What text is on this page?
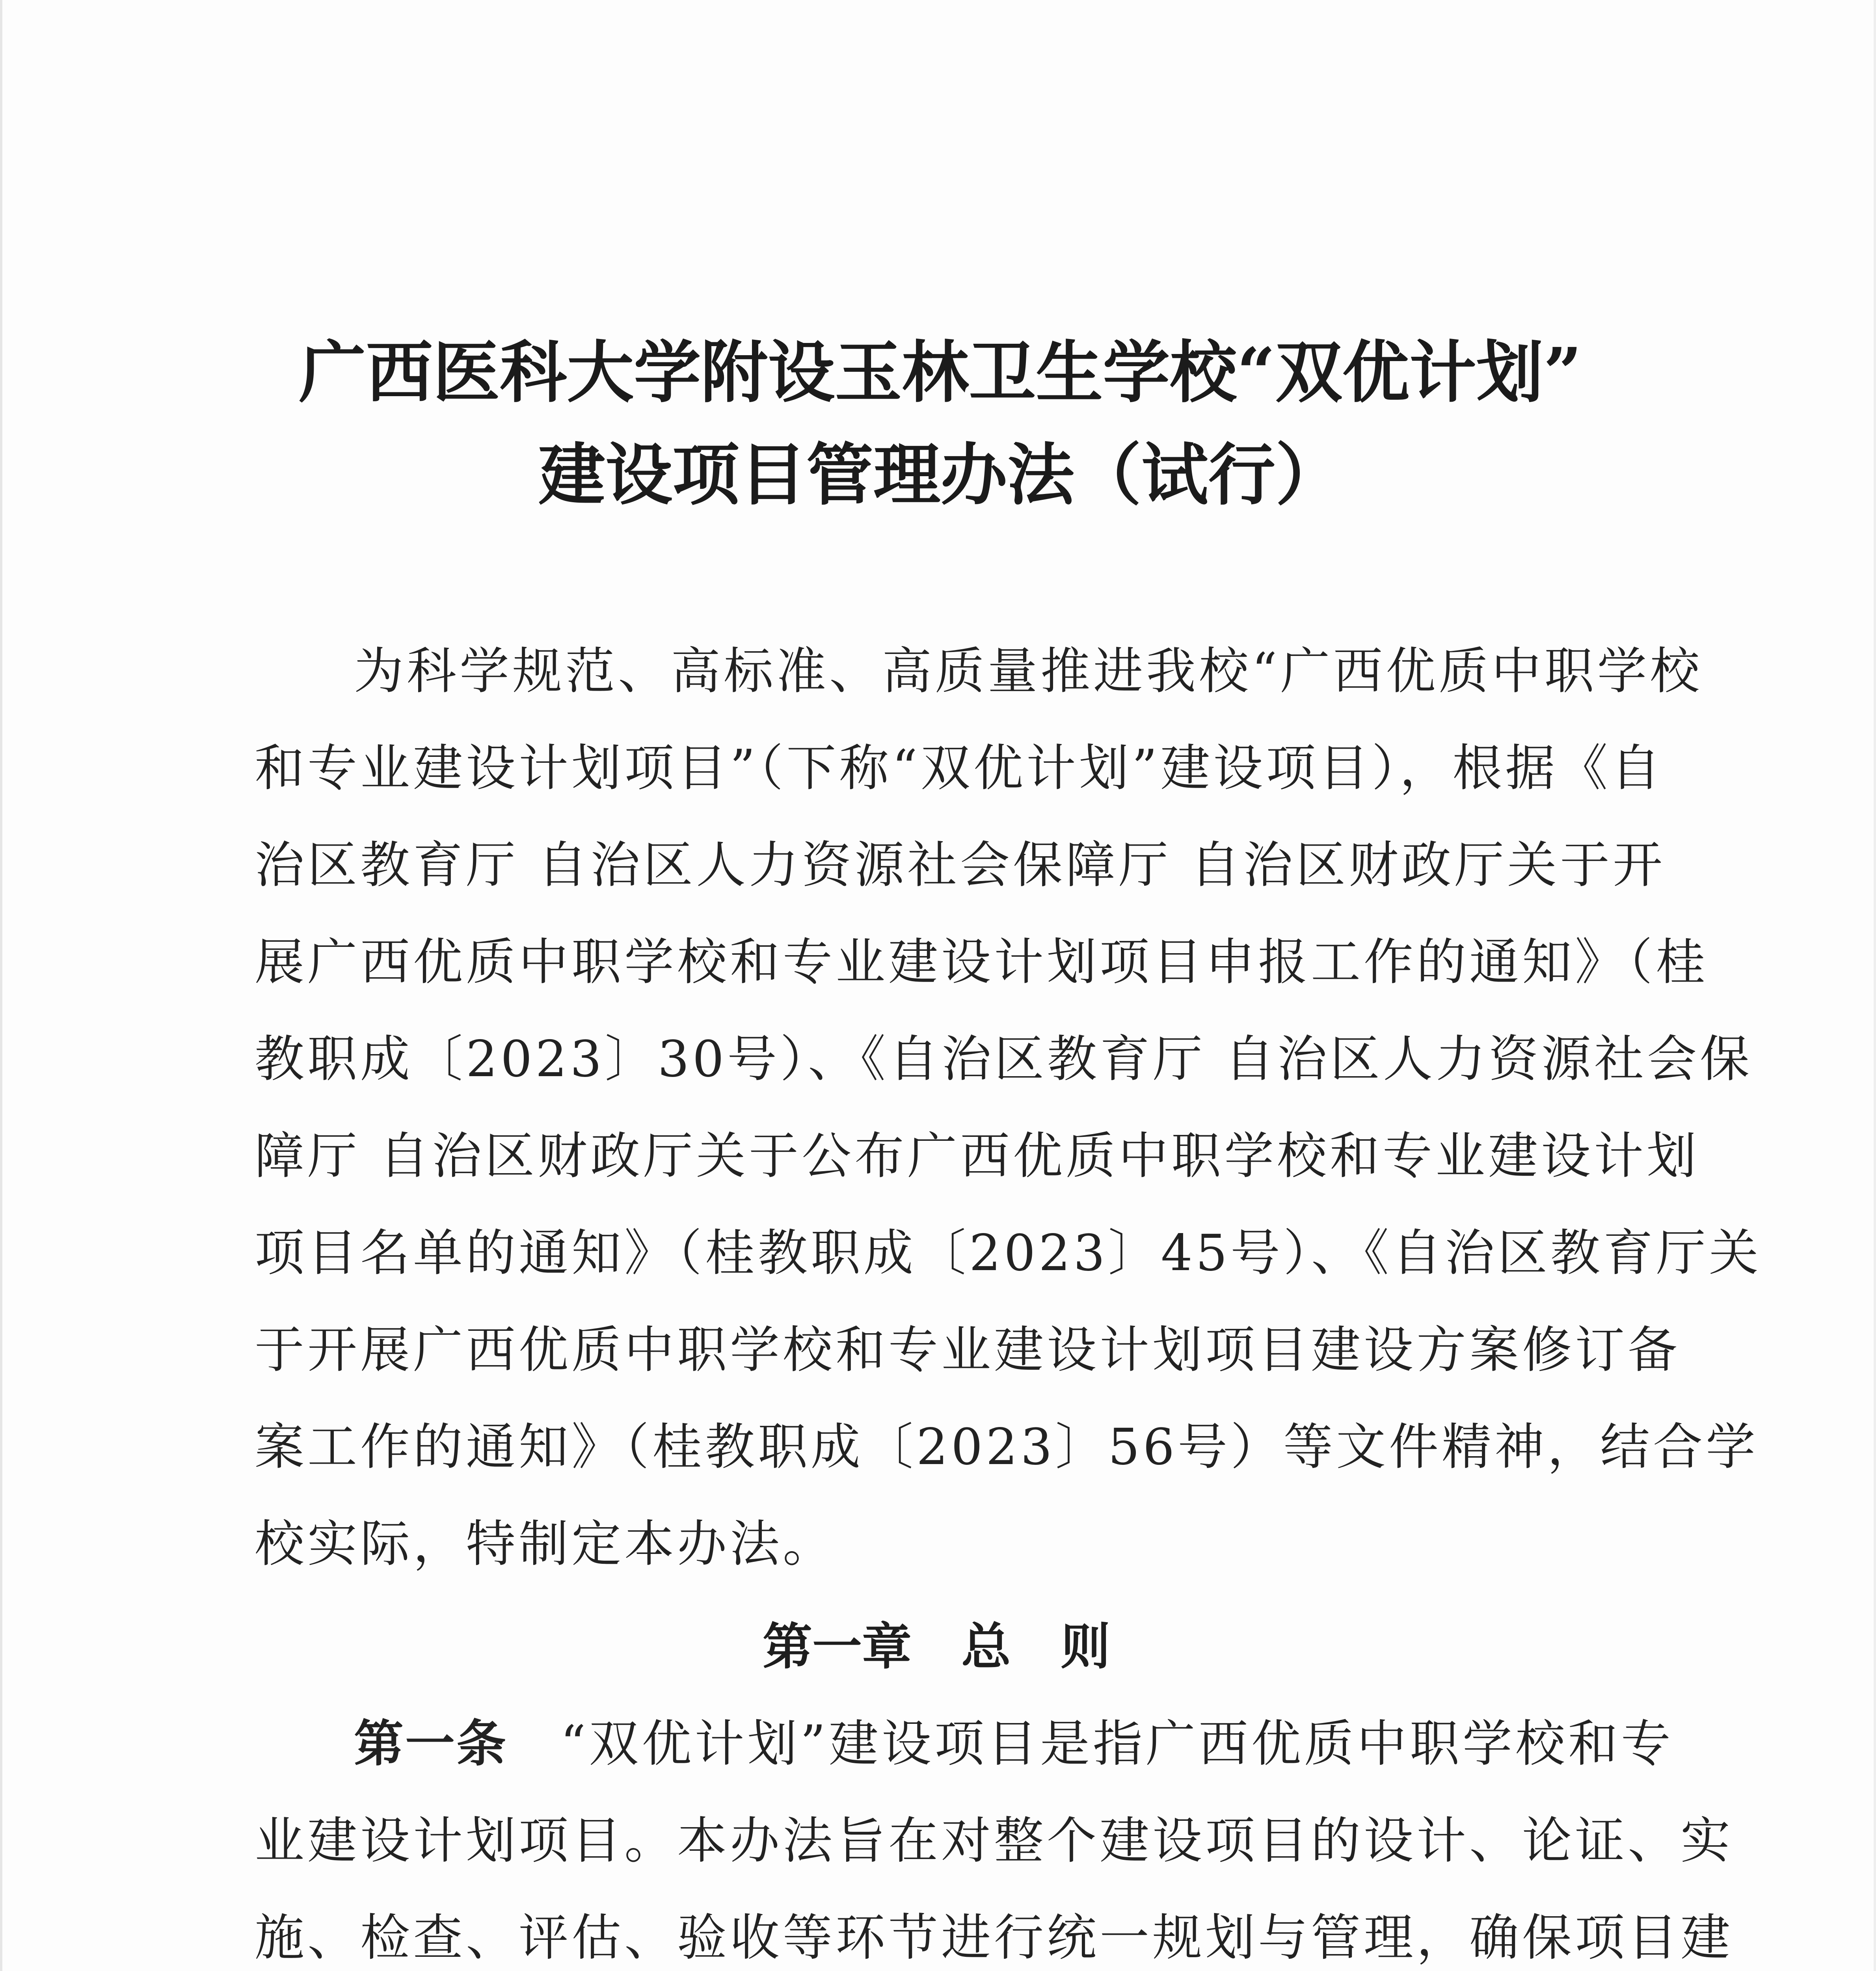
广西医科大学附设玉林卫生学校“双优计划”
建设项目管理办法（试行）
为科学规范、高标准、高质量推进我校“广西优质中职学校
和专业建设计划项目”（下称“双优计划”建设项目），根据《自
治区教育厅 自治区人力资源社会保障厅 自治区财政厅关于开
展广西优质中职学校和专业建设计划项目申报工作的通知》（桂
教职成〔2023〕30号）、《自治区教育厅 自治区人力资源社会保
障厅 自治区财政厅关于公布广西优质中职学校和专业建设计划
项目名单的通知》（桂教职成〔2023〕45号）、《自治区教育厅关
于开展广西优质中职学校和专业建设计划项目建设方案修订备
案工作的通知》（桂教职成〔2023〕56号）等文件精神，结合学
校实际，特制定本办法。
第一章　总　则
第一条　 “双优计划”建设项目是指广西优质中职学校和专
业建设计划项目。本办法旨在对整个建设项目的设计、论证、实
施、检查、评估、验收等环节进行统一规划与管理，确保项目建
